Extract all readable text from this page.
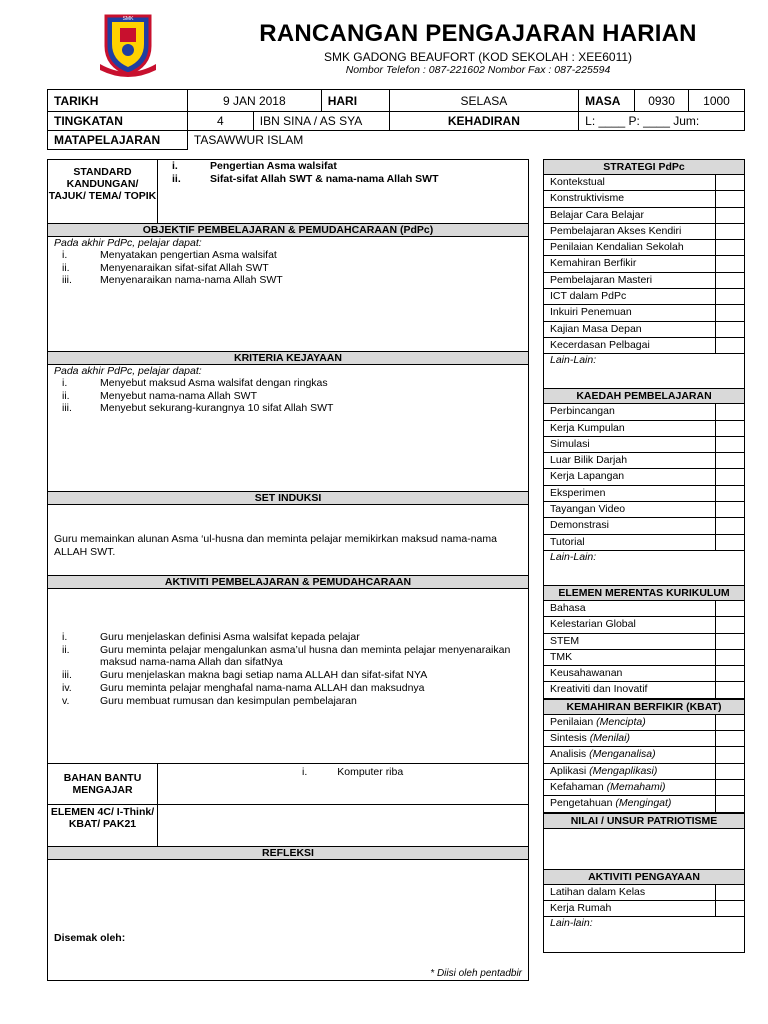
SMK
RANCANGAN PENGAJARAN HARIAN
SMK GADONG BEAUFORT (KOD SEKOLAH : XEE6011)
Nombor Telefon : 087-221602 Nombor Fax : 087-225594
TARIKH	9 JAN 2018		HARI	SELASA	MASA	0930	1000
TINGKATAN	4	IBN SINA / AS SYA		KEHADIRAN	L: ____ P: ____ Jum:		
MATAPELAJARAN	TASAWWUR ISLAM						
STANDARD KANDUNGAN/ TAJUK/ TEMA/ TOPIK
i.	Pengertian Asma walsifat
ii.	Sifat-sifat Allah SWT & nama-nama Allah SWT
OBJEKTIF PEMBELAJARAN & PEMUDAHCARAAN (PdPc)
Pada akhir PdPc, pelajar dapat:
i.	Menyatakan pengertian Asma walsifat
ii.	Menyenaraikan sifat-sifat Allah SWT
iii.	Menyenaraikan nama-nama Allah SWT
KRITERIA KEJAYAAN
Pada akhir PdPc, pelajar dapat:
i.	Menyebut maksud Asma walsifat dengan ringkas
ii.	Menyebut nama-nama Allah SWT
iii.	Menyebut sekurang-kurangnya 10 sifat Allah SWT
SET INDUKSI
Guru memainkan alunan Asma ‘ul-husna dan meminta pelajar memikirkan maksud nama-nama ALLAH SWT.
AKTIVITI PEMBELAJARAN & PEMUDAHCARAAN
i.	Guru menjelaskan definisi Asma walsifat kepada pelajar
ii.	Guru meminta pelajar mengalunkan asma’ul husna dan meminta pelajar menyenaraikan maksud nama-nama Allah dan sifatNya
iii.	Guru menjelaskan makna bagi setiap nama ALLAH dan sifat-sifat NYA
iv.	Guru meminta pelajar menghafal nama-nama ALLAH dan maksudnya
v.	Guru membuat rumusan dan kesimpulan pembelajaran
BAHAN BANTU MENGAJAR
i.	Komputer riba
ELEMEN 4C/ I-Think/ KBAT/ PAK21
REFLEKSI
Disemak oleh:
* Diisi oleh pentadbir
STRATEGI PdPc
Kontekstual
Konstruktivisme
Belajar Cara Belajar
Pembelajaran Akses Kendiri
Penilaian Kendalian Sekolah
Kemahiran Berfikir
Pembelajaran Masteri
ICT dalam PdPc
Inkuiri Penemuan
Kajian Masa Depan
Kecerdasan Pelbagai
Lain-Lain:
KAEDAH PEMBELAJARAN
Perbincangan
Kerja Kumpulan
Simulasi
Luar Bilik Darjah
Kerja Lapangan
Eksperimen
Tayangan Video
Demonstrasi
Tutorial
Lain-Lain:
ELEMEN MERENTAS KURIKULUM
Bahasa
Kelestarian Global
STEM
TMK
Keusahawanan
Kreativiti dan Inovatif
KEMAHIRAN BERFIKIR (KBAT)
Penilaian (Mencipta)
Sintesis (Menilai)
Analisis (Menganalisa)
Aplikasi (Mengaplikasi)
Kefahaman (Memahami)
Pengetahuan (Mengingat)
NILAI / UNSUR PATRIOTISME
AKTIVITI PENGAYAAN
Latihan dalam Kelas
Kerja Rumah
Lain-lain:
